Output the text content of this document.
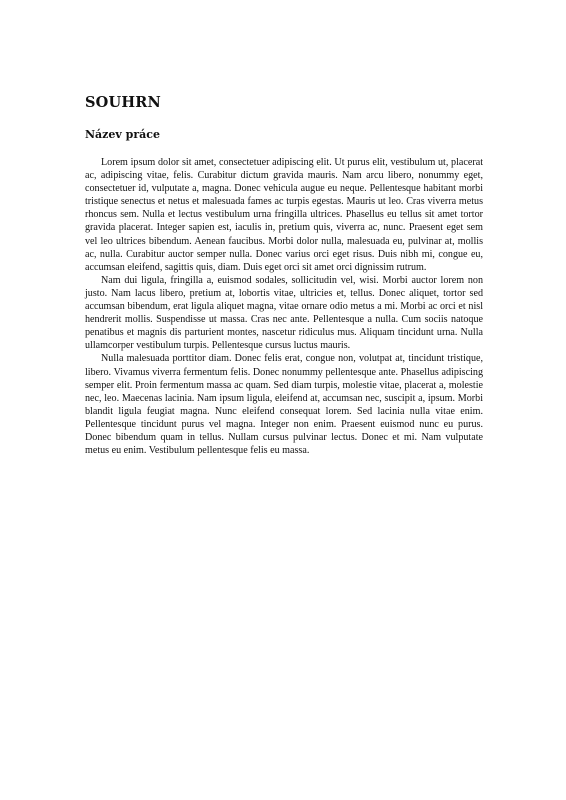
SOUHRN
Název práce

Lorem ipsum dolor sit amet, consectetuer adipiscing elit. Ut purus elit, vestibulum ut, placerat ac, adipiscing vitae, felis. Curabitur dictum gravida mauris. Nam arcu libero, nonummy eget, consectetuer id, vulputate a, magna. Donec vehicula augue eu neque. Pellentesque habitant morbi tristique senectus et netus et malesuada fames ac turpis egestas. Mauris ut leo. Cras viverra metus rhoncus sem. Nulla et lectus vestibulum urna fringilla ultrices. Phasellus eu tellus sit amet tortor gravida placerat. Integer sapien est, iaculis in, pretium quis, viverra ac, nunc. Praesent eget sem vel leo ultrices bibendum. Aenean faucibus. Morbi dolor nulla, malesuada eu, pulvinar at, mollis ac, nulla. Curabitur auctor semper nulla. Donec varius orci eget risus. Duis nibh mi, congue eu, accumsan eleifend, sagittis quis, diam. Duis eget orci sit amet orci dignissim rutrum.

Nam dui ligula, fringilla a, euismod sodales, sollicitudin vel, wisi. Morbi auctor lorem non justo. Nam lacus libero, pretium at, lobortis vitae, ultricies et, tellus. Donec aliquet, tortor sed accumsan bibendum, erat ligula aliquet magna, vitae ornare odio metus a mi. Morbi ac orci et nisl hendrerit mollis. Suspendisse ut massa. Cras nec ante. Pellentesque a nulla. Cum sociis natoque penatibus et magnis dis parturient montes, nascetur ridiculus mus. Aliquam tincidunt urna. Nulla ullamcorper vestibulum turpis. Pellentesque cursus luctus mauris.

Nulla malesuada porttitor diam. Donec felis erat, congue non, volutpat at, tincidunt tristique, libero. Vivamus viverra fermentum felis. Donec nonummy pellentesque ante. Phasellus adipiscing semper elit. Proin fermentum massa ac quam. Sed diam turpis, molestie vitae, placerat a, molestie nec, leo. Maecenas lacinia. Nam ipsum ligula, eleifend at, accumsan nec, suscipit a, ipsum. Morbi blandit ligula feugiat magna. Nunc eleifend consequat lorem. Sed lacinia nulla vitae enim. Pellentesque tincidunt purus vel magna. Integer non enim. Praesent euismod nunc eu purus. Donec bibendum quam in tellus. Nullam cursus pulvinar lectus. Donec et mi. Nam vulputate metus eu enim. Vestibulum pellentesque felis eu massa.
